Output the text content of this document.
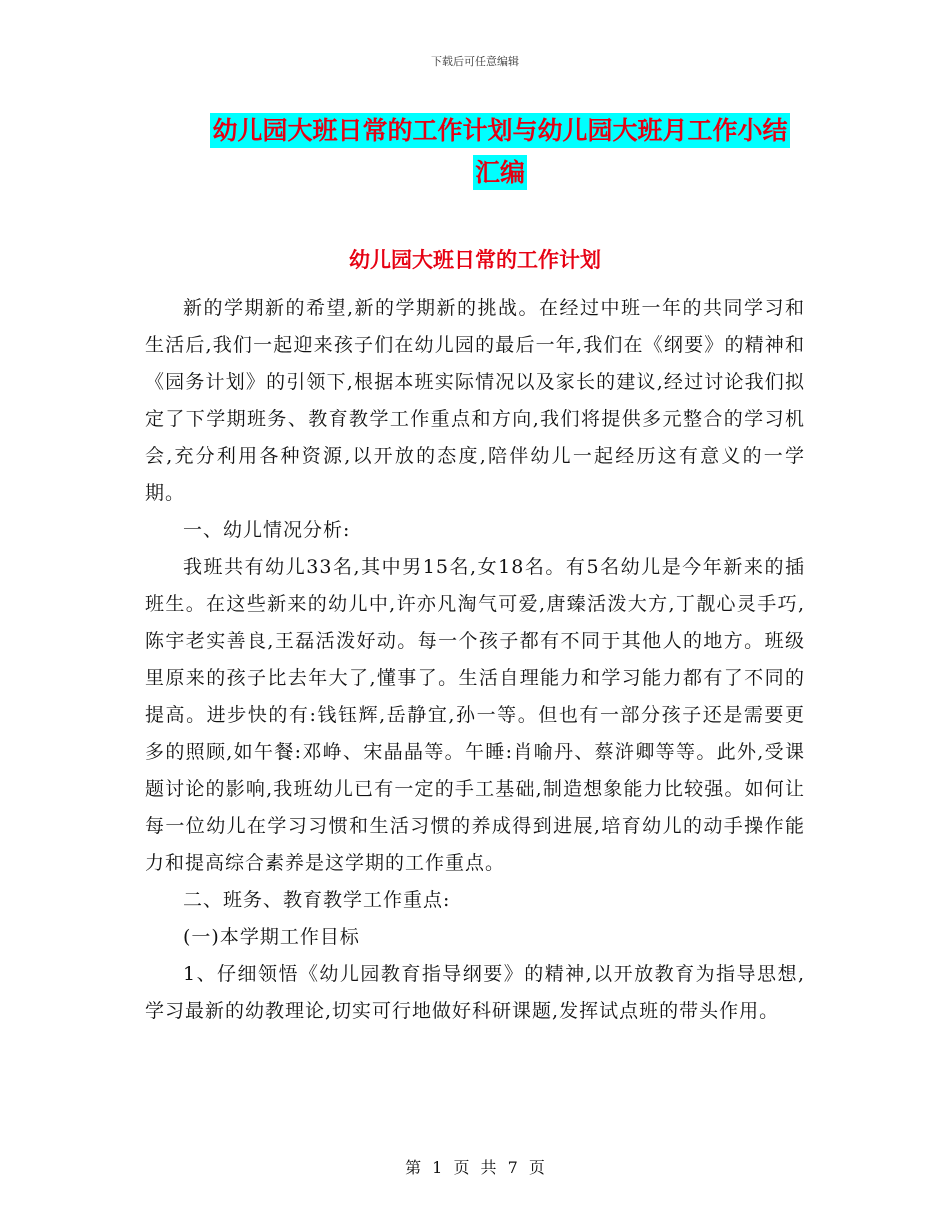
下载后可任意编辑
幼儿园大班日常的工作计划与幼儿园大班月工作小结
汇编
幼儿园大班日常的工作计划

新的学期新的希望,新的学期新的挑战。在经过中班一年的共同学习和生活后,我们一起迎来孩子们在幼儿园的最后一年,我们在《纲要》的精神和《园务计划》的引领下,根据本班实际情况以及家长的建议,经过讨论我们拟定了下学期班务、教育教学工作重点和方向,我们将提供多元整合的学习机会,充分利用各种资源,以开放的态度,陪伴幼儿一起经历这有意义的一学期。

一、幼儿情况分析:

我班共有幼儿33名,其中男15名,女18名。有5名幼儿是今年新来的插班生。在这些新来的幼儿中,许亦凡淘气可爱,唐臻活泼大方,丁靓心灵手巧,陈宇老实善良,王磊活泼好动。每一个孩子都有不同于其他人的地方。班级里原来的孩子比去年大了,懂事了。生活自理能力和学习能力都有了不同的提高。进步快的有:钱钰辉,岳静宜,孙一等。但也有一部分孩子还是需要更多的照顾,如午餐:邓峥、宋晶晶等。午睡:肖喻丹、蔡浒卿等等。此外,受课题讨论的影响,我班幼儿已有一定的手工基础,制造想象能力比较强。如何让每一位幼儿在学习习惯和生活习惯的养成得到进展,培育幼儿的动手操作能力和提高综合素养是这学期的工作重点。

二、班务、教育教学工作重点:

(一)本学期工作目标

1、仔细领悟《幼儿园教育指导纲要》的精神,以开放教育为指导思想,学习最新的幼教理论,切实可行地做好科研课题,发挥试点班的带头作用。

第 1 页 共 7 页
